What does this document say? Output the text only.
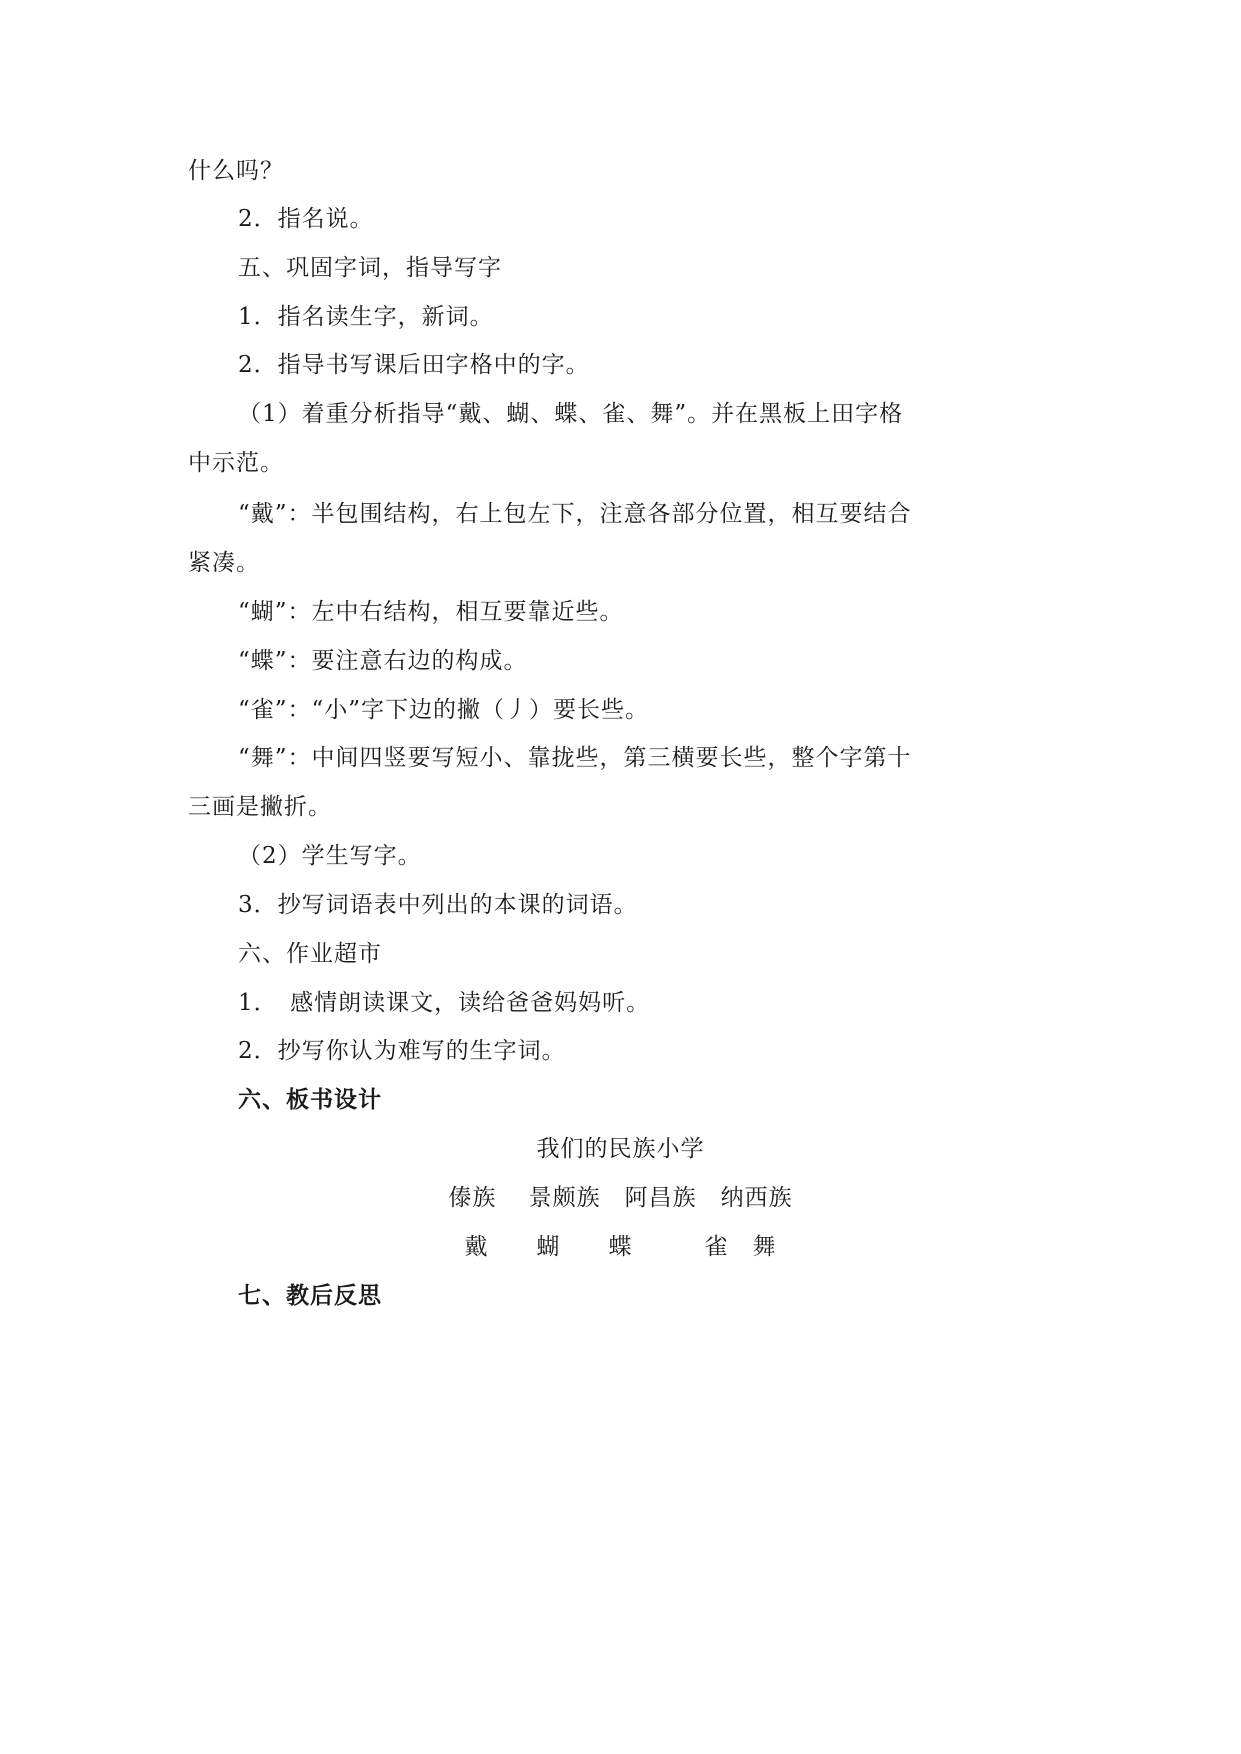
什么吗？
2．指名说。
五、巩固字词，指导写字
1．指名读生字，新词。
2．指导书写课后田字格中的字。
（1）着重分析指导“戴、蝴、蝶、雀、舞”。并在黑板上田字格
中示范。
“戴”：半包围结构，右上包左下，注意各部分位置，相互要结合
紧凑。
“蝴”：左中右结构，相互要靠近些。
“蝶”：要注意右边的构成。
“雀”：“小”字下边的撇（丿）要长些。
“舞”：中间四竖要写短小、靠拢些，第三横要长些，整个字第十
三画是撇折。
（2）学生写字。
3．抄写词语表中列出的本课的词语。
六、作业超市
1．　感情朗读课文，读给爸爸妈妈听。
2．抄写你认为难写的生字词。
六、板书设计
我们的民族小学
傣族　 景颇族　阿昌族　纳西族
戴　　蝴　　蝶　　　雀　舞
七、教后反思
